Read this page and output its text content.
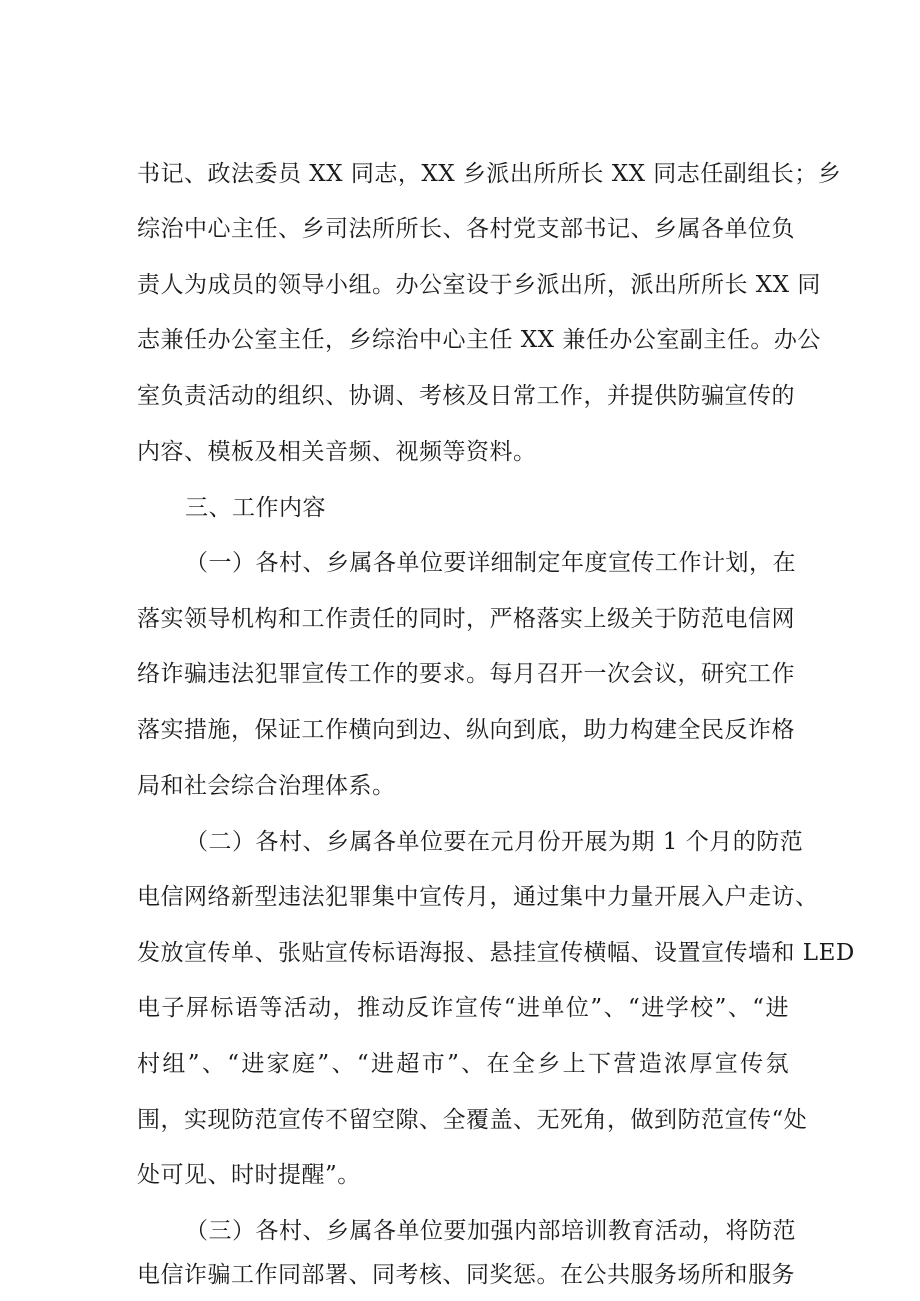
书记、政法委员 XX 同志，XX 乡派出所所长 XX 同志任副组长；乡
综治中心主任、乡司法所所长、各村党支部书记、乡属各单位负
责人为成员的领导小组。办公室设于乡派出所，派出所所长 XX 同
志兼任办公室主任，乡综治中心主任 XX 兼任办公室副主任。办公
室负责活动的组织、协调、考核及日常工作，并提供防骗宣传的
内容、模板及相关音频、视频等资料。
三、工作内容
（一）各村、乡属各单位要详细制定年度宣传工作计划，在
落实领导机构和工作责任的同时，严格落实上级关于防范电信网
络诈骗违法犯罪宣传工作的要求。每月召开一次会议，研究工作
落实措施，保证工作横向到边、纵向到底，助力构建全民反诈格
局和社会综合治理体系。
（二）各村、乡属各单位要在元月份开展为期 1 个月的防范
电信网络新型违法犯罪集中宣传月，通过集中力量开展入户走访、
发放宣传单、张贴宣传标语海报、悬挂宣传横幅、设置宣传墙和 LED
电子屏标语等活动，推动反诈宣传“进单位”、“进学校”、“进
村组”、“进家庭”、“进超市”、在全乡上下营造浓厚宣传氛
围，实现防范宣传不留空隙、全覆盖、无死角，做到防范宣传“处
处可见、时时提醒”。
（三）各村、乡属各单位要加强内部培训教育活动，将防范
电信诈骗工作同部署、同考核、同奖惩。在公共服务场所和服务
